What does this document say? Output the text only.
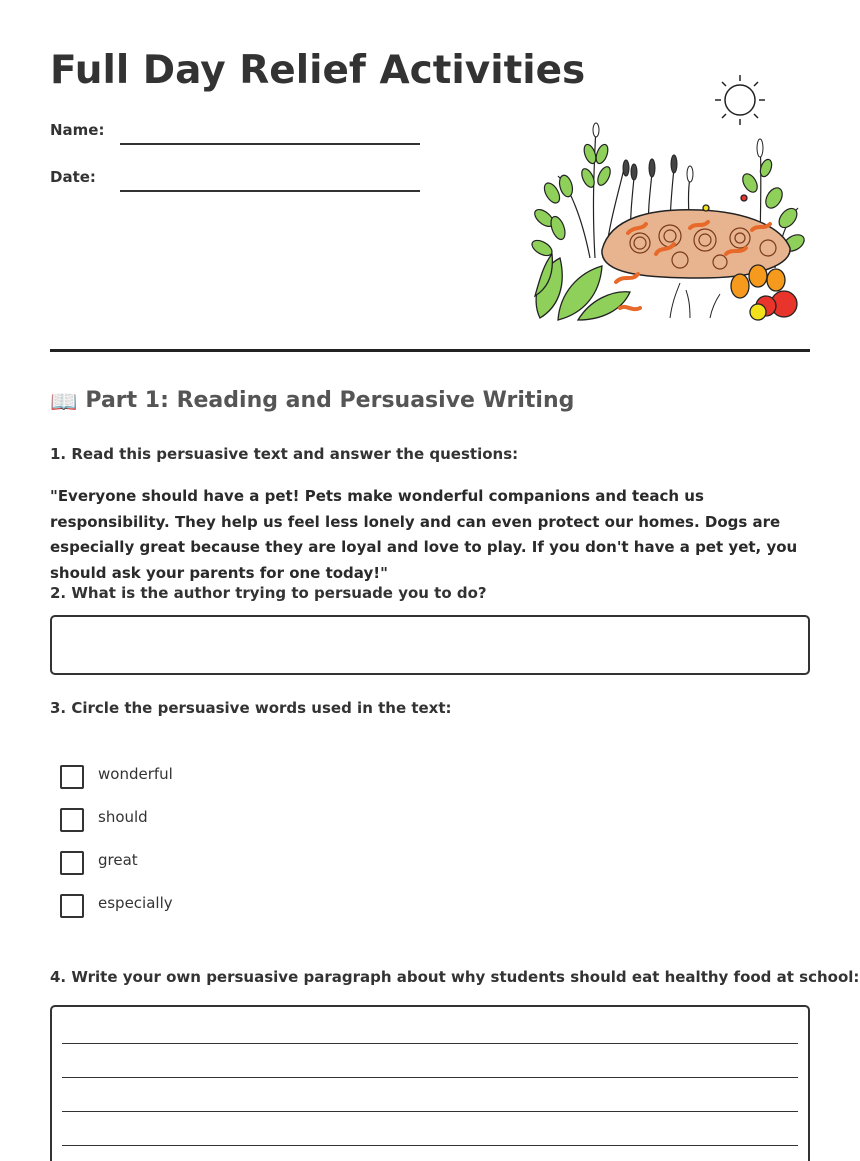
Full Day Relief Activities
Name:
Date:
📖 Part 1: Reading and Persuasive Writing

1. Read this persuasive text and answer the questions:

"Everyone should have a pet! Pets make wonderful companions and teach us responsibility. They help us feel less lonely and can even protect our homes. Dogs are especially great because they are loyal and love to play. If you don't have a pet yet, you should ask your parents for one today!"

2. What is the author trying to persuade you to do?

3. Circle the persuasive words used in the text:

wonderful
should
great
especially

4. Write your own persuasive paragraph about why students should eat healthy food at school:
